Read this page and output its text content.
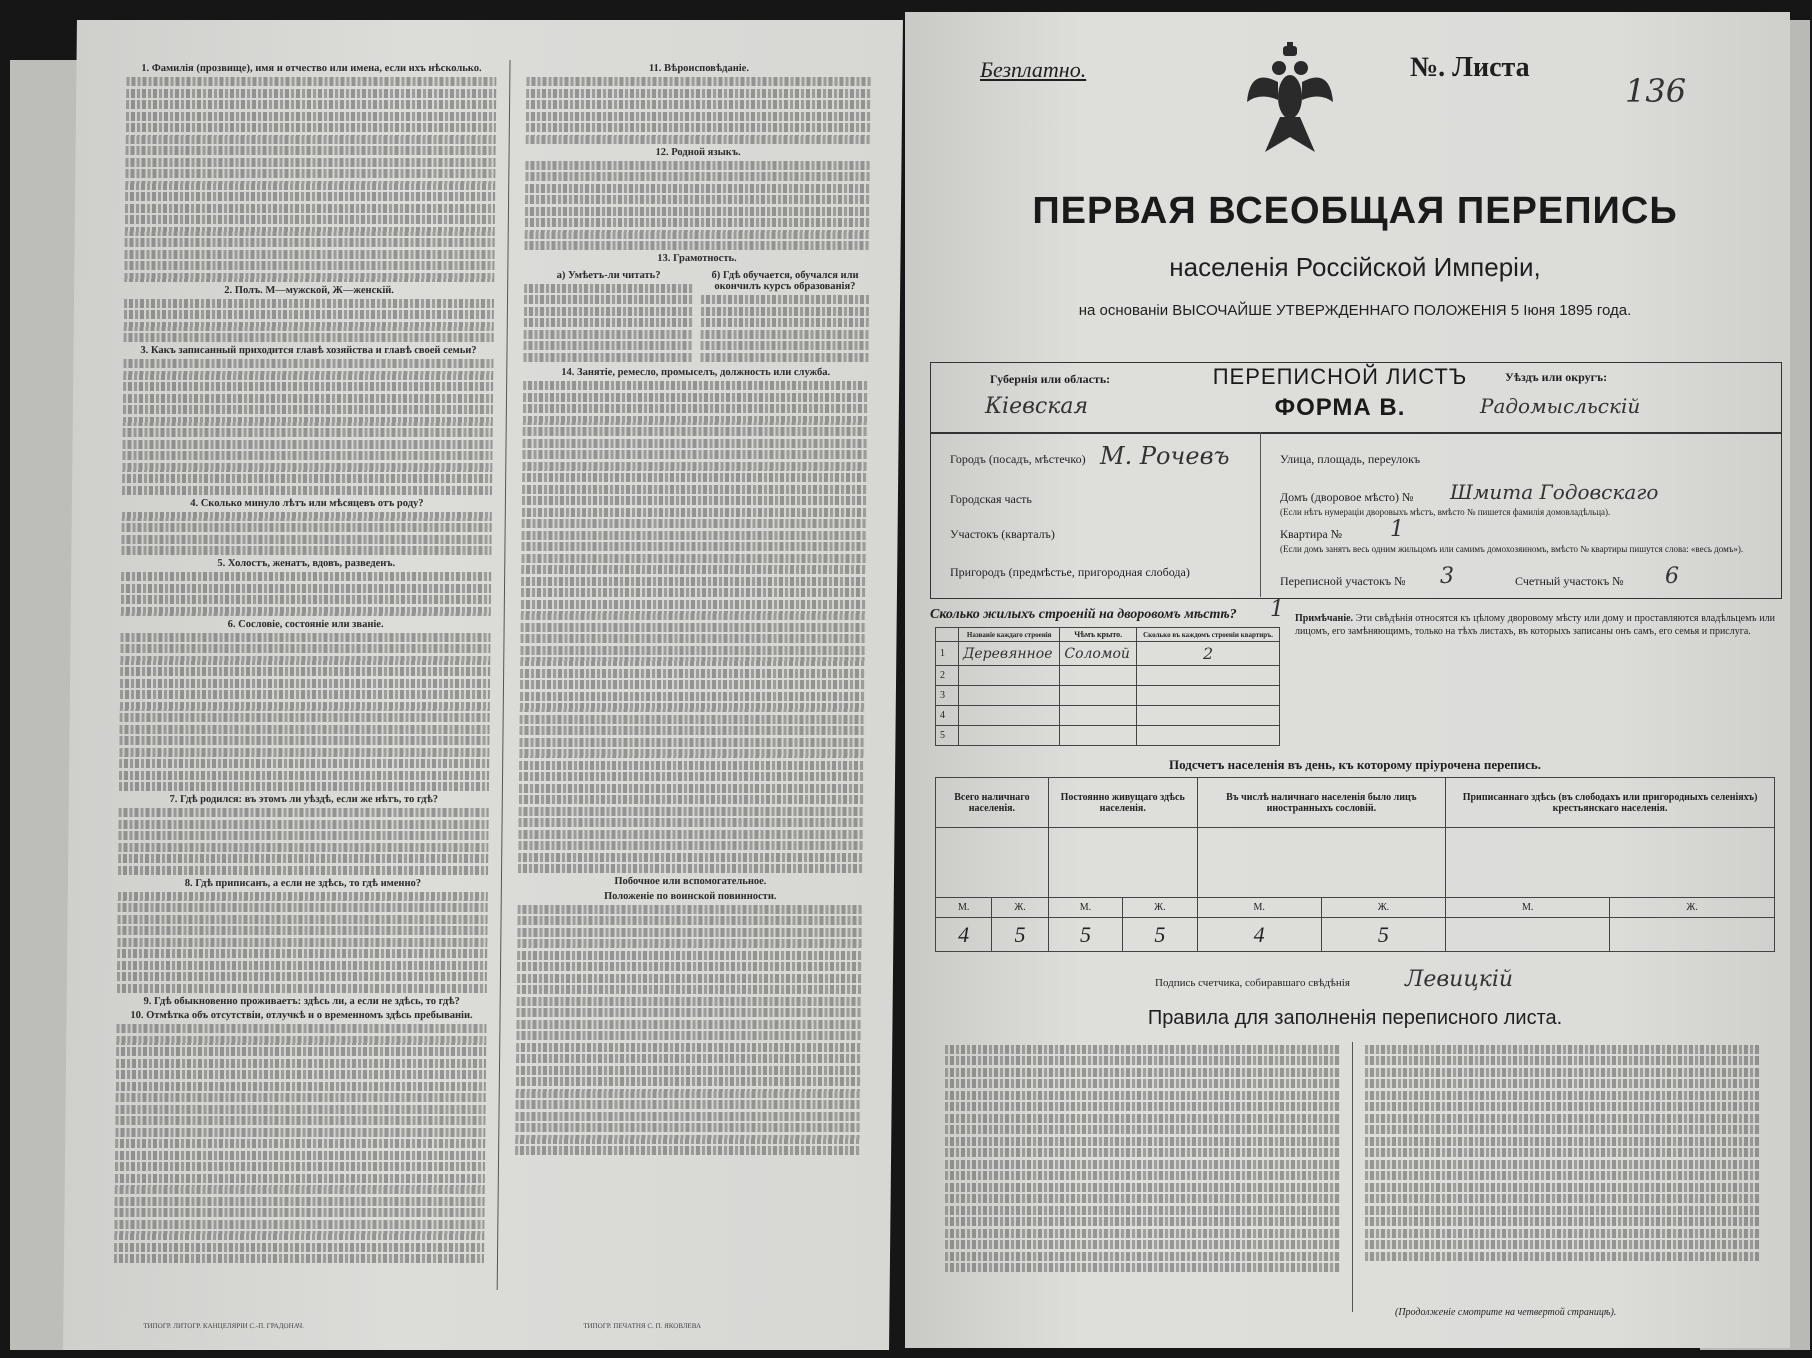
1. Фамилія (прозвище), имя и отчество или имена, если ихъ нѣсколько.
2. Полъ. М—мужской, Ж—женскій.
3. Какъ записанный приходится главѣ хозяйства и главѣ своей семьи?
4. Сколько минуло лѣтъ или мѣсяцевъ отъ роду?
5. Холостъ, женатъ, вдовъ, разведенъ.
6. Сословіе, состояніе или званіе.
7. Гдѣ родился: въ этомъ ли уѣздѣ, если же нѣтъ, то гдѣ?
8. Гдѣ приписанъ, а если не здѣсь, то гдѣ именно?
9. Гдѣ обыкновенно проживаетъ: здѣсь ли, а если не здѣсь, то гдѣ?
10. Отмѣтка объ отсутствіи, отлучкѣ и о временномъ здѣсь пребываніи.
11. Вѣроисповѣданіе.
12. Родной языкъ.
13. Грамотность.
а) Умѣетъ-ли читать?	б) Гдѣ обучается, обучался или окончилъ курсъ образованія?
14. Занятіе, ремесло, промыселъ, должность или служба.
Побочное или вспомогательное.
Положеніе по воинской повинности.
ТИПОГР. ЛИТОГР. КАНЦЕЛЯРІИ С.-П. ГРАДОНАЧ.	ТИПОГР. ПЕЧАТНЯ С. П. ЯКОВЛЕВА
Безплатно.	№. Листа
136
ПЕРВАЯ ВСЕОБЩАЯ ПЕРЕПИСЬ
населенія Россійской Имперіи,
на основаніи ВЫСОЧАЙШЕ УТВЕРЖДЕННАГО ПОЛОЖЕНІЯ 5 Іюня 1895 года.
Губернія или область:
Кіевская
ПЕРЕПИСНОЙ ЛИСТЪ
ФОРМА В.
Уѣздъ или округъ:
Радомысльскій
Городъ (посадъ, мѣстечко) М. Рочевъ
Городская часть
Участокъ (кварталъ)
Пригородъ (предмѣстье, пригородная слобода)
Улица, площадь, переулокъ
Домъ (дворовое мѣсто) № Шмита Годовскаго
(Если нѣтъ нумераціи дворовыхъ мѣстъ, вмѣсто № пишется фамилія домовладѣльца).
Квартира № 1
(Если домъ занятъ весь одним жильцомъ или самимъ домохозяиномъ, вмѣсто № квартиры пишутся слова: «весь домъ»).
Переписной участокъ № 3	Счетный участокъ № 6
Сколько жилыхъ строеній на дворовомъ мѣстѣ? 1
	Названіе каждаго строенія	Чѣмъ крыто.	Сколько въ каждомъ строеніи квартиръ.
1	Деревянное	Соломой	2
2			
3			
4			
5			
Примѣчаніе. Эти свѣдѣнія относятся къ цѣлому дворовому мѣсту или дому и проставляются владѣльцемъ или лицомъ, его замѣняющимъ, только на тѣхъ листахъ, въ которыхъ записаны онъ самъ, его семья и прислуга.
Подсчетъ населенія въ день, къ которому пріурочена перепись.
Всего наличнаго населенія.		Постоянно живущаго здѣсь населенія.		Въ числѣ наличнаго населенія было лицъ иностранныхъ сословій.		Приписаннаго здѣсь (въ слободахъ или пригородныхъ селеніяхъ) крестьянскаго населенія.	

М.	Ж.	М.	Ж.	М.	Ж.	М.	Ж.
4	5	5	5	4	5		
Подпись счетчика, собиравшаго свѣдѣнія	Левицкій
Правила для заполненія переписного листа.
(Продолженіе смотрите на четвертой страницѣ).
